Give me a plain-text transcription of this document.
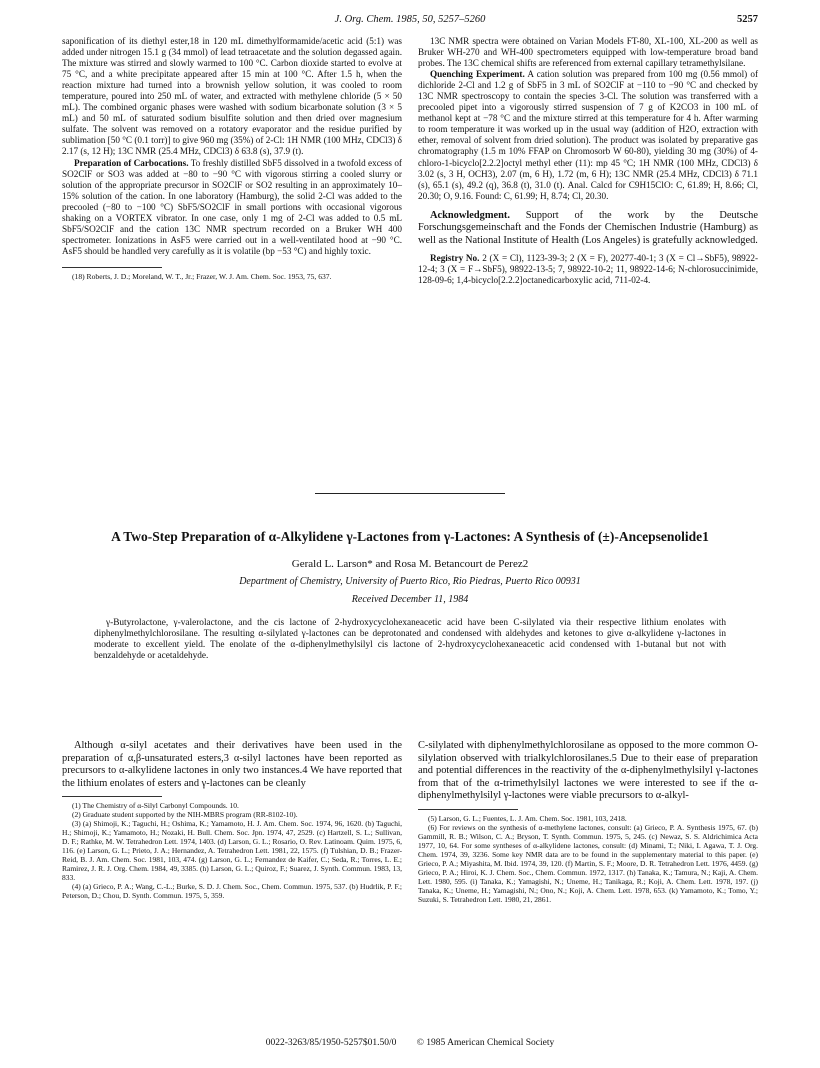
J. Org. Chem. 1985, 50, 5257–5260	5257

saponification of its diethyl ester,18 in 120 mL dimethylformamide/acetic acid (5:1) was added under nitrogen 15.1 g (34 mmol) of lead tetraacetate and the solution degassed again. The mixture was stirred and slowly warmed to 100 °C. Carbon dioxide started to evolve at 75 °C, and a white precipitate appeared after 15 min at 100 °C. After 1.5 h, when the reaction mixture had turned into a brownish yellow solution, it was cooled to room temperature, poured into 250 mL of water, and extracted with methylene chloride (5 × 50 mL). The combined organic phases were washed with sodium bicarbonate solution (3 × 5 mL) and 50 mL of saturated sodium bisulfite solution and then dried over magnesium sulfate. The solvent was removed on a rotatory evaporator and the residue purified by sublimation [50 °C (0.1 torr)] to give 960 mg (35%) of 2-Cl: 1H NMR (100 MHz, CDCl3) δ 2.17 (s, 12 H); 13C NMR (25.4 MHz, CDCl3) δ 63.8 (s), 37.9 (t).

Preparation of Carbocations. To freshly distilled SbF5 dissolved in a twofold excess of SO2ClF or SO3 was added at −80 to −90 °C with vigorous stirring a cooled slurry or solution of the appropriate precursor in SO2ClF or SO2 resulting in an approximately 10–15% solution of the cation. In one laboratory (Hamburg), the solid 2-Cl was added to the precooled (−80 to −100 °C) SbF5/SO2ClF in small portions with occasional vigorous shaking on a VORTEX vibrator. In one case, only 1 mg of 2-Cl was added to 0.5 mL SbF5/SO2ClF and the cation 13C NMR spectrum recorded on a Bruker WH 400 spectrometer. Ionizations in AsF5 were carried out in a well-ventilated hood at −90 °C. AsF5 should be handled very carefully as it is volatile (bp −53 °C) and highly toxic.

(18) Roberts, J. D.; Moreland, W. T., Jr.; Frazer, W. J. Am. Chem. Soc. 1953, 75, 637.

13C NMR spectra were obtained on Varian Models FT-80, XL-100, XL-200 as well as Bruker WH-270 and WH-400 spectrometers equipped with low-temperature broad band probes. The 13C chemical shifts are referenced from external capillary tetramethylsilane.

Quenching Experiment. A cation solution was prepared from 100 mg (0.56 mmol) of dichloride 2-Cl and 1.2 g of SbF5 in 3 mL of SO2ClF at −110 to −90 °C and checked by 13C NMR spectroscopy to contain the species 3-Cl. The solution was transferred with a precooled pipet into a vigorously stirred suspension of 7 g of K2CO3 in 100 mL of methanol kept at −78 °C and the mixture stirred at this temperature for 4 h. After warming to room temperature it was worked up in the usual way (addition of H2O, extraction with ether, removal of solvent from dried solution). The product was isolated by preparative gas chromatography (1.5 m 10% FFAP on Chromosorb W 60-80), yielding 30 mg (30%) of 4-chloro-1-bicyclo[2.2.2]octyl methyl ether (11): mp 45 °C; 1H NMR (100 MHz, CDCl3) δ 3.02 (s, 3 H, OCH3), 2.07 (m, 6 H), 1.72 (m, 6 H); 13C NMR (25.4 MHz, CDCl3) δ 71.1 (s), 65.1 (s), 49.2 (q), 36.8 (t), 31.0 (t). Anal. Calcd for C9H15ClO: C, 61.89; H, 8.66; Cl, 20.30; O, 9.16. Found: C, 61.99; H, 8.74; Cl, 20.30.

Acknowledgment. Support of the work by the Deutsche Forschungsgemeinschaft and the Fonds der Chemischen Industrie (Hamburg) as well as the National Institute of Health (Los Angeles) is gratefully acknowledged.

Registry No. 2 (X = Cl), 1123-39-3; 2 (X = F), 20277-40-1; 3 (X = Cl→SbF5), 98922-12-4; 3 (X = F→SbF5), 98922-13-5; 7, 98922-10-2; 11, 98922-14-6; N-chlorosuccinimide, 128-09-6; 1,4-bicyclo[2.2.2]octanedicarboxylic acid, 711-02-4.

A Two-Step Preparation of α-Alkylidene γ-Lactones from γ-Lactones: A Synthesis of (±)-Ancepsenolide1
Gerald L. Larson* and Rosa M. Betancourt de Perez2
Department of Chemistry, University of Puerto Rico, Rio Piedras, Puerto Rico 00931
Received December 11, 1984

γ-Butyrolactone, γ-valerolactone, and the cis lactone of 2-hydroxycyclohexaneacetic acid have been C-silylated via their respective lithium enolates with diphenylmethylchlorosilane. The resulting α-silylated γ-lactones can be deprotonated and condensed with aldehydes and ketones to give α-alkylidene γ-lactones in moderate to excellent yield. The enolate of the α-diphenylmethylsilyl cis lactone of 2-hydroxycyclohexaneacetic acid condensed with 1-butanal but not with benzaldehyde or acetaldehyde.

Although α-silyl acetates and their derivatives have been used in the preparation of α,β-unsaturated esters,3 α-silyl lactones have been reported as precursors to α-alkylidene lactones in only two instances.4 We have reported that the lithium enolates of esters and γ-lactones can be cleanly

(1) The Chemistry of α-Silyl Carbonyl Compounds. 10.

(2) Graduate student supported by the NIH-MBRS program (RR-8102-10).

(3) (a) Shimoji, K.; Taguchi, H.; Oshima, K.; Yamamoto, H. J. Am. Chem. Soc. 1974, 96, 1620. (b) Taguchi, H.; Shimoji, K.; Yamamoto, H.; Nozaki, H. Bull. Chem. Soc. Jpn. 1974, 47, 2529. (c) Hartzell, S. L.; Sullivan, D. F.; Rathke, M. W. Tetrahedron Lett. 1974, 1403. (d) Larson, G. L.; Rosario, O. Rev. Latinoam. Quim. 1975, 6, 116. (e) Larson, G. L.; Prieto, J. A.; Hernandez, A. Tetrahedron Lett. 1981, 22, 1575. (f) Tulshian, D. B.; Frazer-Reid, B. J. Am. Chem. Soc. 1981, 103, 474. (g) Larson, G. L.; Fernandez de Kaifer, C.; Seda, R.; Torres, L. E.; Ramirez, J. R. J. Org. Chem. 1984, 49, 3385. (h) Larson, G. L.; Quiroz, F.; Suarez, J. Synth. Commun. 1983, 13, 833.

(4) (a) Grieco, P. A.; Wang, C.-L.; Burke, S. D. J. Chem. Soc., Chem. Commun. 1975, 537. (b) Hudrlik, P. F.; Peterson, D.; Chou, D. Synth. Commun. 1975, 5, 359.

C-silylated with diphenylmethylchlorosilane as opposed to the more common O-silylation observed with trialkylchlorosilanes.5 Due to their ease of preparation and potential differences in the reactivity of the α-diphenylmethylsilyl γ-lactones from that of the α-trimethylsilyl lactones we were interested to see if the α-diphenylmethylsilyl γ-lactones were viable precursors to α-alkyl-

(5) Larson, G. L.; Fuentes, L. J. Am. Chem. Soc. 1981, 103, 2418.

(6) For reviews on the synthesis of α-methylene lactones, consult: (a) Grieco, P. A. Synthesis 1975, 67. (b) Gammill, R. B.; Wilson, C. A.; Bryson, T. Synth. Commun. 1975, 5, 245. (c) Newaz, S. S. Aldrichimica Acta 1977, 10, 64. For some syntheses of α-alkylidene lactones, consult: (d) Minami, T.; Niki, I. Agawa, T. J. Org. Chem. 1974, 39, 3236. Some key NMR data are to be found in the supplementary material to this paper. (e) Grieco, P. A.; Miyashita, M. Ibid. 1974, 39, 120. (f) Martin, S. F.; Moore, D. R. Tetrahedron Lett. 1976, 4459. (g) Grieco, P. A.; Hiroi, K. J. Chem. Soc., Chem. Commun. 1972, 1317. (h) Tanaka, K.; Tamura, N.; Kaji, A. Chem. Lett. 1980, 595. (i) Tanaka, K.; Yamagishi, N.; Uneme, H.; Tanikaga, R.; Koji, A. Chem. Lett. 1978, 197. (j) Tanaka, K.; Uneme, H.; Yamagishi, N.; Ono, N.; Koji, A. Chem. Lett. 1978, 653. (k) Yamamoto, K.; Tomo, Y.; Suzuki, S. Tetrahedron Lett. 1980, 21, 2861.

0022-3263/85/1950-5257$01.50/0 © 1985 American Chemical Society
